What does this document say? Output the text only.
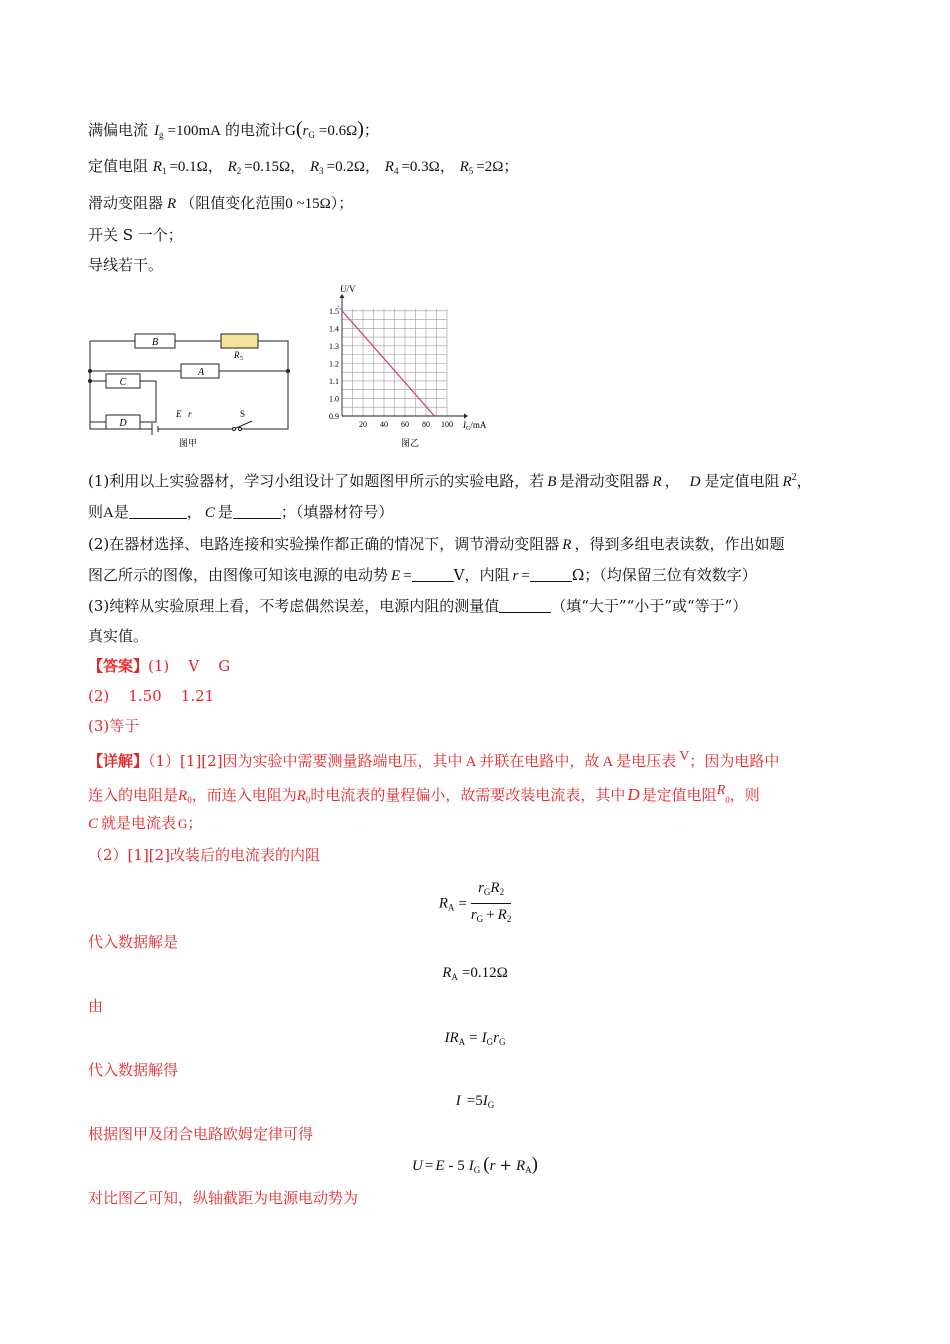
满偏电流 $I_g =100mA$ 的电流计$G(r_G =0.6\Omega)$；
定值电阻 $R_1 =0.1\Omega$， $R_2 =0.15\Omega$， $R_3 =0.2\Omega$， $R_4 =0.3\Omega$， $R_5 =2\Omega$；
滑动变阻器 R （阻值变化范围0 ~15Ω）；
开关 S 一个；
导线若干。
B
A
C
D
R 5
E r	S
图甲
20 40 60 80 100
0.9
1.0
1.1
1.2
1.3
1.4
1.5
U/V
$I_G/mA$
图乙
(1)利用以上实验器材，学习小组设计了如题图甲所示的实验电路，若 B 是滑动变阻器 R ， D 是定值电阻 $R^2$，
则A是	， C 是	；（填器材符号）
(2)在器材选择、电路连接和实验操作都正确的情况下，调节滑动变阻器 R ，得到多组电表读数，作出如题
图乙所示的图像，由图像可知该电源的电动势 E =	V，内阻 r =	Ω；（均保留三位有效数字）
(3)纯粹从实验原理上看，不考虑偶然误差，电源内阻的测量值	（填“大于”“小于”或“等于”）
真实值。
【答案】(1)    V    G
(2)    1.50    1.21
(3)等于
【详解】（1）[1][2]因为实验中需要测量路端电压，其中 A 并联在电路中，故 A 是电压表 V；因为电路中
连入的电阻是$R_0$，而连入电阻为$R_0$时电流表的量程偏小，故需要改装电流表，其中 D 是定值电阻$R_0$，则
C 就是电流表 G；
（2）[1][2]改装后的电流表的内阻
$R_A = \frac{r_GR_2}{r_G + R_2}$
代入数据解是
$R_A =0.12\Omega$
由
$IR_A = I_Gr_G$
代入数据解得
$I =5I_G$
根据图甲及闭合电路欧姆定律可得
U = E - 5 $I_G$ $(r + R_A)$
对比图乙可知，纵轴截距为电源电动势为
